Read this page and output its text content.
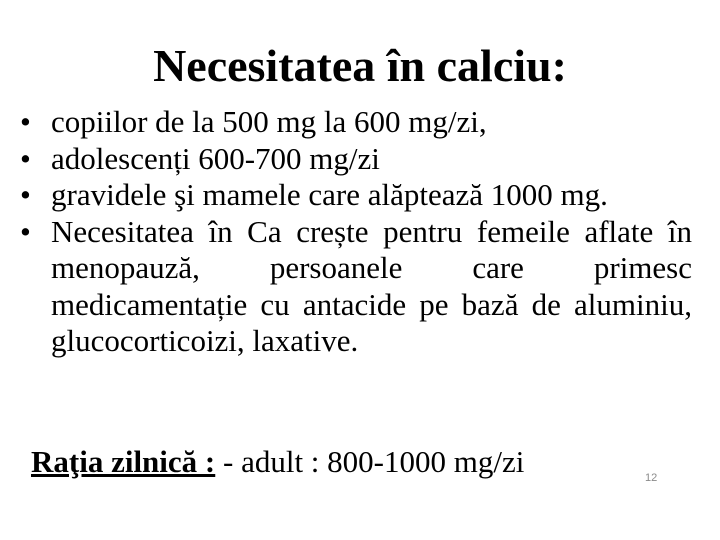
Necesitatea în calciu:
• copiilor de la 500 mg la 600 mg/zi,
• adolescenți 600-700 mg/zi
• gravidele şi mamele care alăptează 1000 mg.
• Necesitatea în Ca crește pentru femeile aflate în menopauză, persoanele care primesc medicamentație cu antacide pe bază de aluminiu, glucocorticoizi, laxative.
Raţia zilnică : - adult : 800-1000 mg/zi	12
